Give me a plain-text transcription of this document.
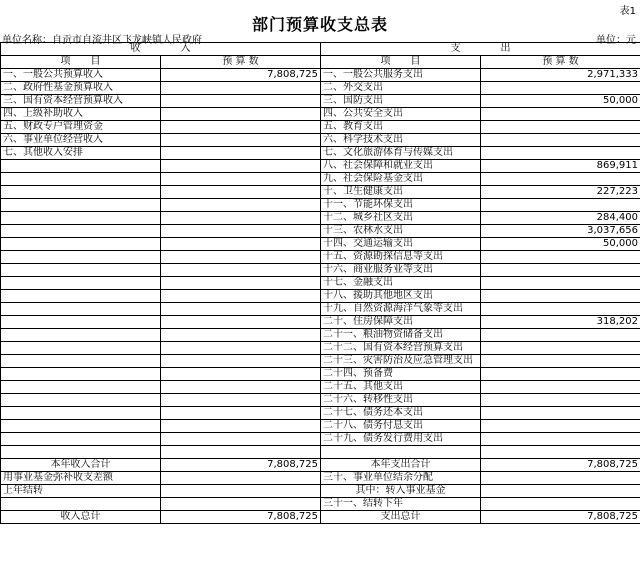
表1
部门预算收支总表
单位名称：自贡市自流井区飞龙峡镇人民政府	单位：元
收　　　　入		支　　　　出	
项　　目	预 算 数	项　　目	预 算 数
一、一般公共预算收入	7,808,725	一、一般公共服务支出	2,971,333
二、政府性基金预算收入		二、外交支出	
三、国有资本经营预算收入		三、国防支出	50,000
四、上级补助收入		四、公共安全支出	
五、财政专户管理资金		五、教育支出	
六、事业单位经营收入		六、科学技术支出	
七、其他收入安排		七、文化旅游体育与传媒支出	
		八、社会保障和就业支出	869,911
		九、社会保险基金支出	
		十、卫生健康支出	227,223
		十一、节能环保支出	
		十二、城乡社区支出	284,400
		十三、农林水支出	3,037,656
		十四、交通运输支出	50,000
		十五、资源勘探信息等支出	
		十六、商业服务业等支出	
		十七、金融支出	
		十八、援助其他地区支出	
		十九、自然资源海洋气象等支出	
		二十、住房保障支出	318,202
		二十一、粮油物资储备支出	
		二十二、国有资本经营预算支出	
		二十三、灾害防治及应急管理支出	
		二十四、预备费	
		二十五、其他支出	
		二十六、转移性支出	
		二十七、债务还本支出	
		二十八、债务付息支出	
		二十九、债务发行费用支出	

本年收入合计	7,808,725	本年支出合计	7,808,725
用事业基金弥补收支差额		三十、事业单位结余分配	
上年结转		其中：转入事业基金	
		三十一、结转下年	
收入总计	7,808,725	支出总计	7,808,725
